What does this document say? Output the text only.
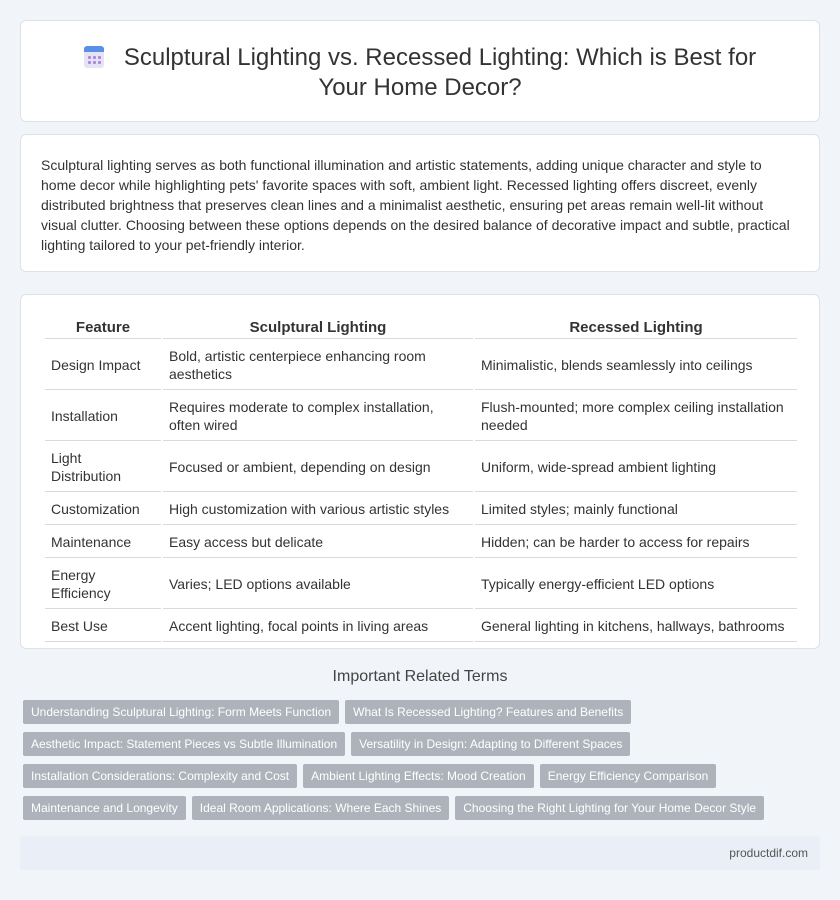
Sculptural Lighting vs. Recessed Lighting: Which is Best for Your Home Decor?

Sculptural lighting serves as both functional illumination and artistic statements, adding unique character and style to home decor while highlighting pets' favorite spaces with soft, ambient light. Recessed lighting offers discreet, evenly distributed brightness that preserves clean lines and a minimalist aesthetic, ensuring pet areas remain well-lit without visual clutter. Choosing between these options depends on the desired balance of decorative impact and subtle, practical lighting tailored to your pet-friendly interior.

Feature	Sculptural Lighting	Recessed Lighting
Design Impact	Bold, artistic centerpiece enhancing room aesthetics	Minimalistic, blends seamlessly into ceilings
Installation	Requires moderate to complex installation, often wired	Flush-mounted; more complex ceiling installation needed
Light Distribution	Focused or ambient, depending on design	Uniform, wide-spread ambient lighting
Customization	High customization with various artistic styles	Limited styles; mainly functional
Maintenance	Easy access but delicate	Hidden; can be harder to access for repairs
Energy Efficiency	Varies; LED options available	Typically energy-efficient LED options
Best Use	Accent lighting, focal points in living areas	General lighting in kitchens, hallways, bathrooms
Important Related Terms
Understanding Sculptural Lighting: Form Meets Function	What Is Recessed Lighting? Features and Benefits
Aesthetic Impact: Statement Pieces vs Subtle Illumination	Versatility in Design: Adapting to Different Spaces
Installation Considerations: Complexity and Cost	Ambient Lighting Effects: Mood Creation	Energy Efficiency Comparison
Maintenance and Longevity	Ideal Room Applications: Where Each Shines	Choosing the Right Lighting for Your Home Decor Style
productdif.com
